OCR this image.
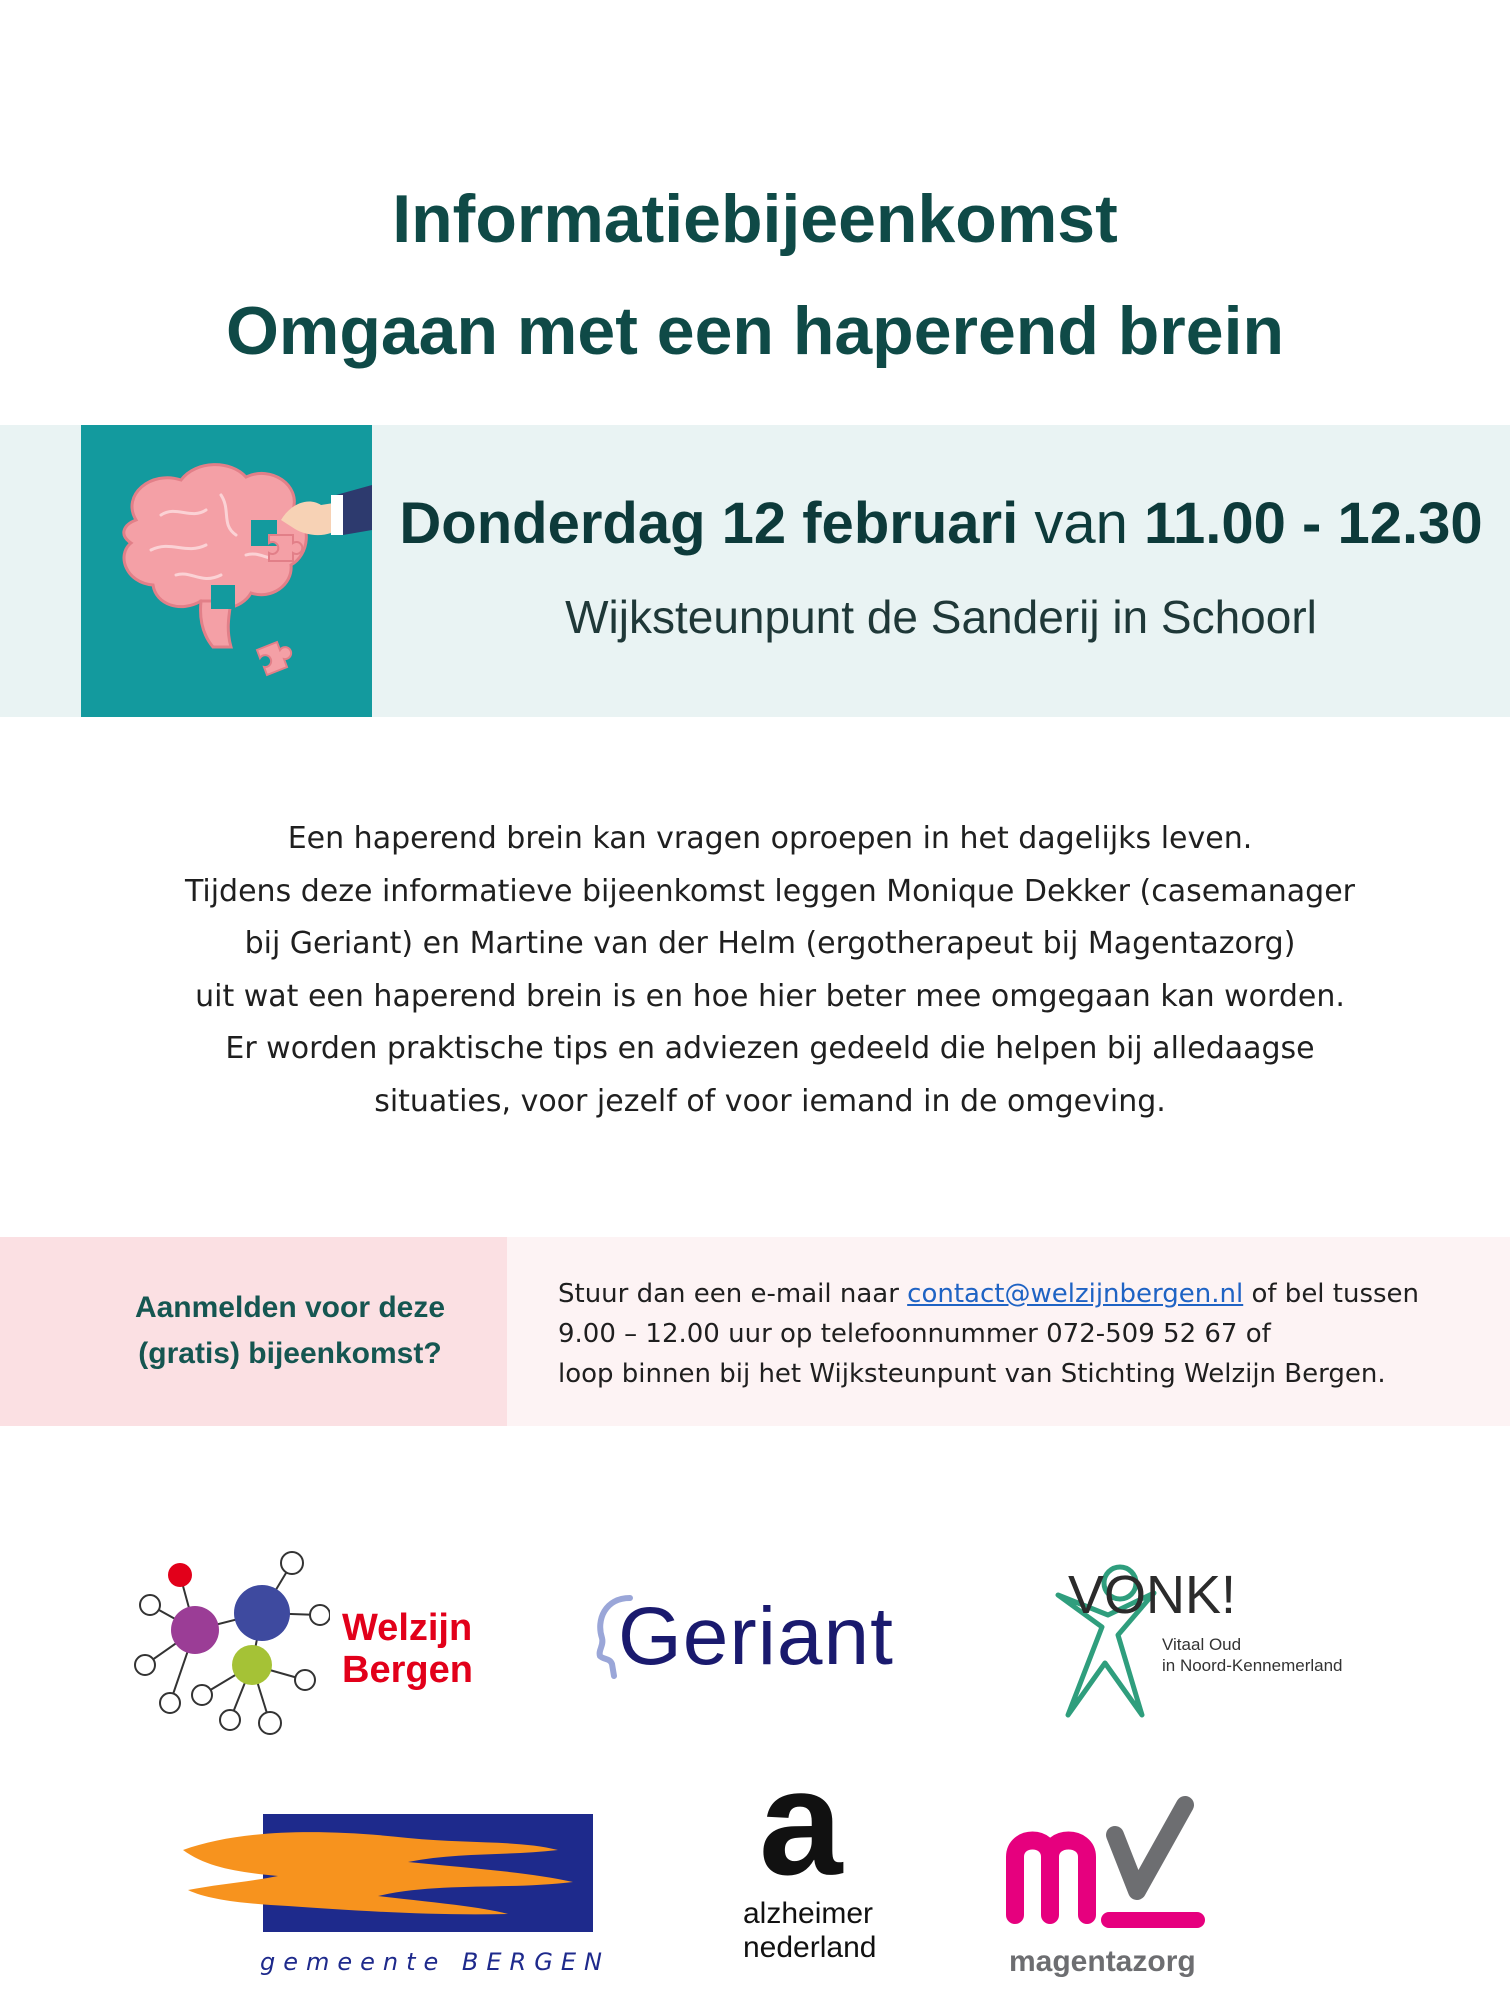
Informatiebijeenkomst
Omgaan met een haperend brein
Donderdag 12 februari van 11.00 - 12.30
Wijksteunpunt de Sanderij in Schoorl
Een haperend brein kan vragen oproepen in het dagelijks leven.
Tijdens deze informatieve bijeenkomst leggen Monique Dekker (casemanager
bij Geriant) en Martine van der Helm (ergotherapeut bij Magentazorg)
uit wat een haperend brein is en hoe hier beter mee omgegaan kan worden.
Er worden praktische tips en adviezen gedeeld die helpen bij alledaagse
situaties, voor jezelf of voor iemand in de omgeving.
Aanmelden voor deze
(gratis) bijeenkomst?
Stuur dan een e-mail naar contact@welzijnbergen.nl of bel tussen
9.00 – 12.00 uur op telefoonnummer 072-509 52 67 of
loop binnen bij het Wijksteunpunt van Stichting Welzijn Bergen.
Welzijn
Bergen Geriant	VONK!
Vitaal Oud
in Noord-Kennemerland
gemeente BERGEN
a
alzheimer
nederland	magentazorg
